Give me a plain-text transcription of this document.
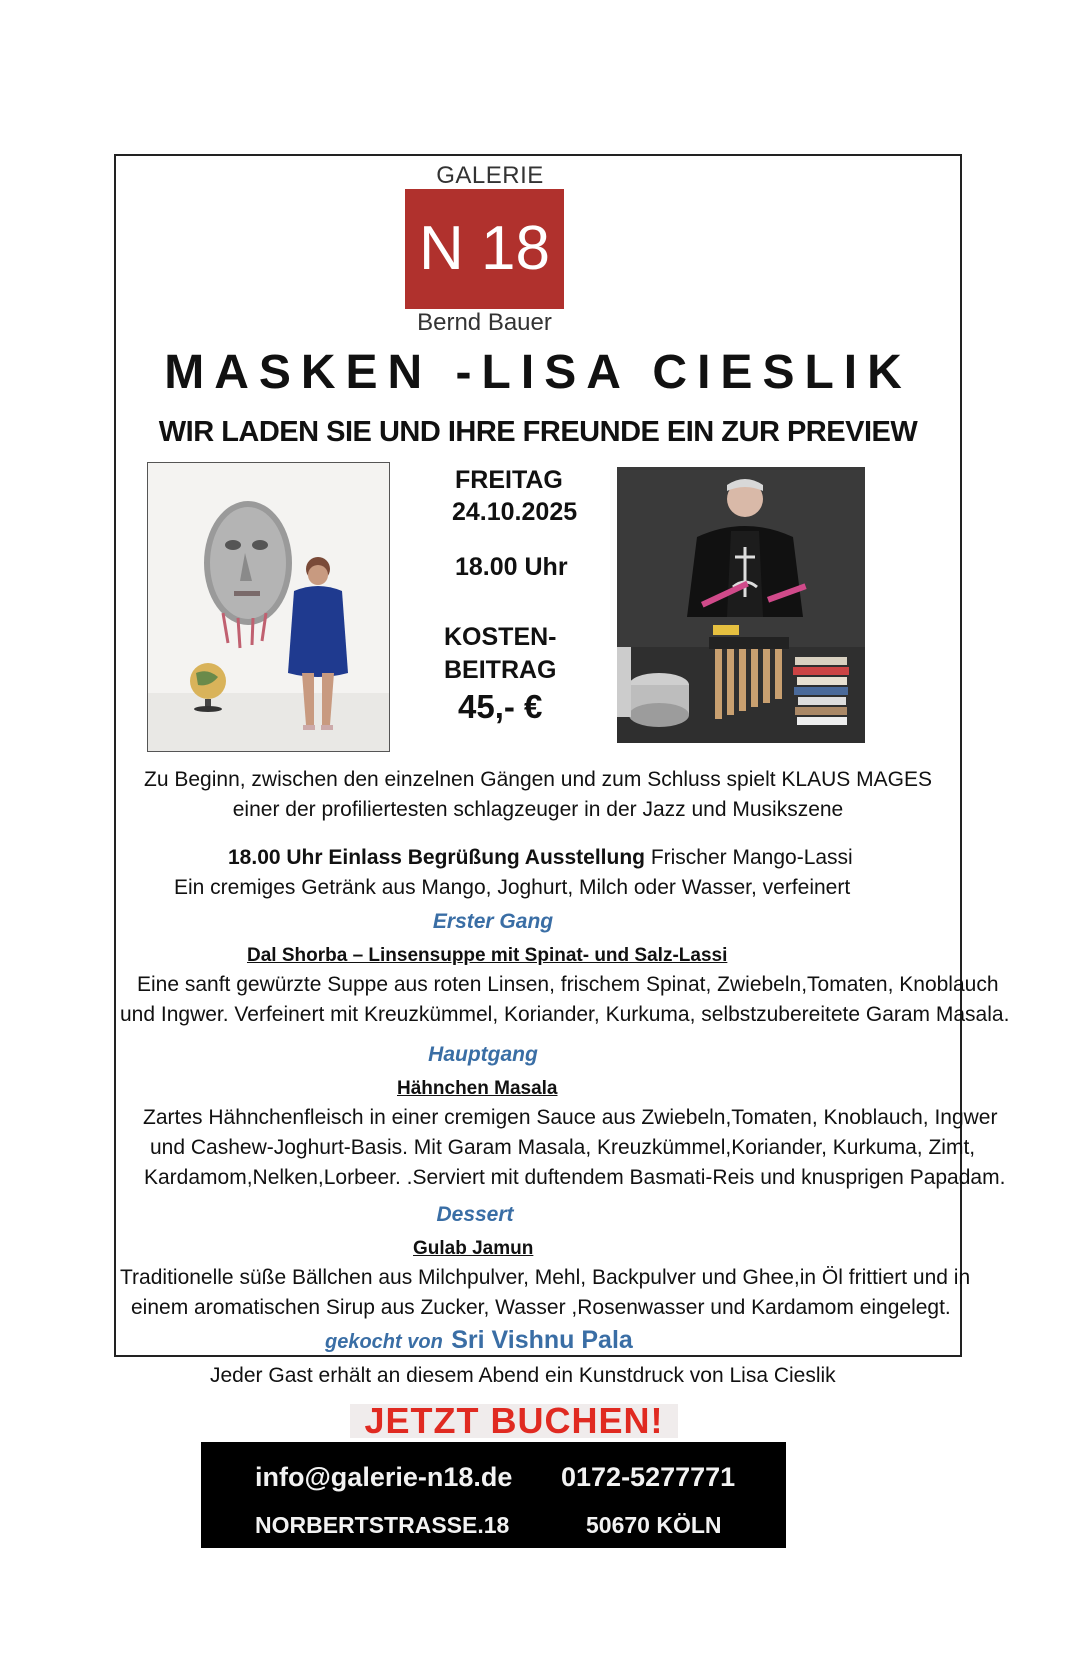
GALERIE
N 18
Bernd Bauer
MASKEN -LISA CIESLIK
WIR LADEN SIE UND IHRE FREUNDE EIN ZUR PREVIEW
FREITAG
24.10.2025
18.00 Uhr
KOSTEN-
BEITRAG
45,- €
Zu Beginn, zwischen den einzelnen Gängen und zum Schluss spielt KLAUS MAGES
einer der profiliertesten schlagzeuger in der Jazz und Musikszene
18.00 Uhr Einlass Begrüßung Ausstellung Frischer Mango-Lassi
Ein cremiges Getränk aus Mango, Joghurt, Milch oder Wasser, verfeinert
Erster Gang
Dal Shorba – Linsensuppe mit Spinat- und Salz-Lassi
Eine sanft gewürzte Suppe aus roten Linsen, frischem Spinat, Zwiebeln,Tomaten, Knoblauch
und Ingwer. Verfeinert mit Kreuzkümmel, Koriander, Kurkuma, selbstzubereitete Garam Masala.
Hauptgang
Hähnchen Masala
Zartes Hähnchenfleisch in einer cremigen Sauce aus Zwiebeln,Tomaten, Knoblauch, Ingwer
und Cashew-Joghurt-Basis. Mit Garam Masala, Kreuzkümmel,Koriander, Kurkuma, Zimt,
Kardamom,Nelken,Lorbeer. .Serviert mit duftendem Basmati-Reis und knusprigen Papadam.
Dessert
Gulab Jamun
Traditionelle süße Bällchen aus Milchpulver, Mehl, Backpulver und Ghee,in Öl frittiert und in
einem aromatischen Sirup aus Zucker, Wasser ,Rosenwasser und Kardamom eingelegt.
gekocht von Sri Vishnu Pala
Jeder Gast erhält an diesem Abend ein Kunstdruck von Lisa Cieslik
JETZT BUCHEN!
info@galerie-n18.de 0172-5277771
NORBERTSTRASSE.18	50670 KÖLN
